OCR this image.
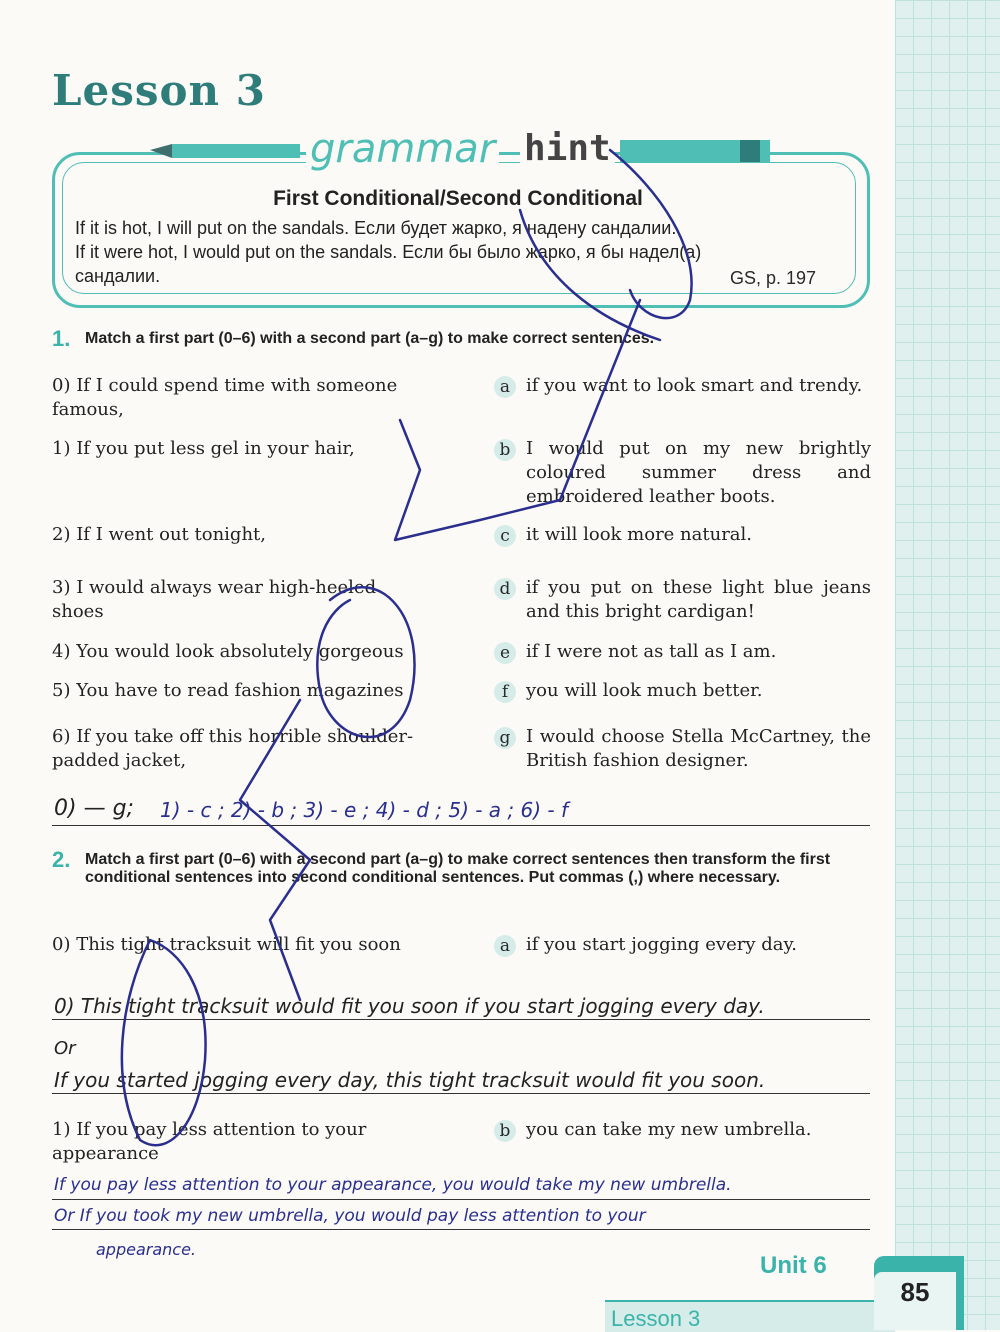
Lesson 3
grammar hint
First Conditional/Second Conditional
If it is hot, I will put on the sandals. Если будет жарко, я надену сандалии.
If it were hot, I would put on the sandals. Если бы было жарко, я бы надел(а)
сандалии.	GS, p. 197
1. Match a first part (0–6) with a second part (a–g) to make correct sentences.
0) If I could spend time with someone famous,
1) If you put less gel in your hair,
2) If I went out tonight,
3) I would always wear high-heeled shoes
4) You would look absolutely gorgeous
5) You have to read fashion magazines
6) If you take off this horrible shoulder-padded jacket,
a
b
c
d
e
f
g
if you want to look smart and trendy.
I would put on my new brightly coloured summer dress and embroidered leather boots.
it will look more natural.
if you put on these light blue jeans and this bright cardigan!
if I were not as tall as I am.
you will look much better.
I would choose Stella McCartney, the British fashion designer.
0) — g; 1) - c ; 2) - b ; 3) - e ; 4) - d ; 5) - a ; 6) - f
2. Match a first part (0–6) with a second part (a–g) to make correct sentences then transform the first conditional sentences into second conditional sentences. Put commas (,) where necessary.
0) This tight tracksuit will fit you soon	a if you start jogging every day.
0) This tight tracksuit would fit you soon if you start jogging every day.
Or
If you started jogging every day, this tight tracksuit would fit you soon.
1) If you pay less attention to your appearance
b you can take my new umbrella.
If you pay less attention to your appearance, you would take my new umbrella.
Or If you took my new umbrella, you would pay less attention to your
appearance.
Unit 6
Lesson 3
85
